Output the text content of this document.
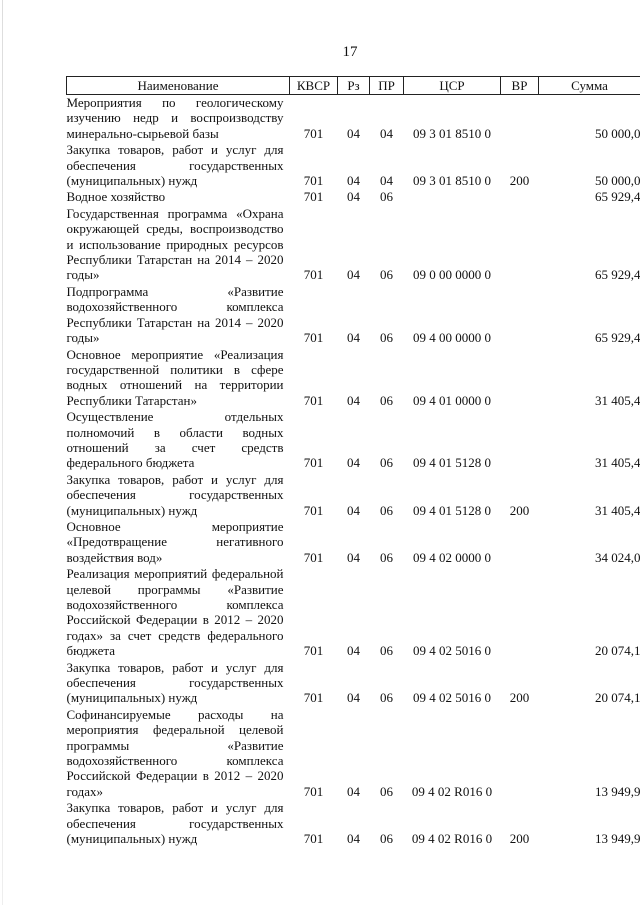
17
Наименование	КВСР	Рз	ПР	ЦСР	ВР	Сумма
Мероприятия по геологическому изучению недр и воспроизводству минерально-сырьевой базы	701	04	04	09 3 01 8510 0		50 000,0
Закупка товаров, работ и услуг для обеспечения государственных (муниципальных) нужд	701	04	04	09 3 01 8510 0	200	50 000,0
Водное хозяйство	701	04	06			65 929,4
Государственная программа «Охрана окружающей среды, воспроизводство и использование природных ресурсов Республики Татарстан на 2014 – 2020 годы»	701	04	06	09 0 00 0000 0		65 929,4
Подпрограмма «Развитие водохозяйственного комплекса Республики Татарстан на 2014 – 2020 годы»	701	04	06	09 4 00 0000 0		65 929,4
Основное мероприятие «Реализация государственной политики в сфере водных отношений на территории Республики Татарстан»	701	04	06	09 4 01 0000 0		31 405,4
Осуществление отдельных полномочий в области водных отношений за счет средств федерального бюджета	701	04	06	09 4 01 5128 0		31 405,4
Закупка товаров, работ и услуг для обеспечения государственных (муниципальных) нужд	701	04	06	09 4 01 5128 0	200	31 405,4
Основное мероприятие «Предотвращение негативного воздействия вод»	701	04	06	09 4 02 0000 0		34 024,0
Реализация мероприятий федеральной целевой программы «Развитие водохозяйственного комплекса Российской Федерации в 2012 – 2020 годах» за счет средств федерального бюджета	701	04	06	09 4 02 5016 0		20 074,1
Закупка товаров, работ и услуг для обеспечения государственных (муниципальных) нужд	701	04	06	09 4 02 5016 0	200	20 074,1
Софинансируемые расходы на мероприятия федеральной целевой программы «Развитие водохозяйственного комплекса Российской Федерации в 2012 – 2020 годах»	701	04	06	09 4 02 R016 0		13 949,9
Закупка товаров, работ и услуг для обеспечения государственных (муниципальных) нужд	701	04	06	09 4 02 R016 0	200	13 949,9
